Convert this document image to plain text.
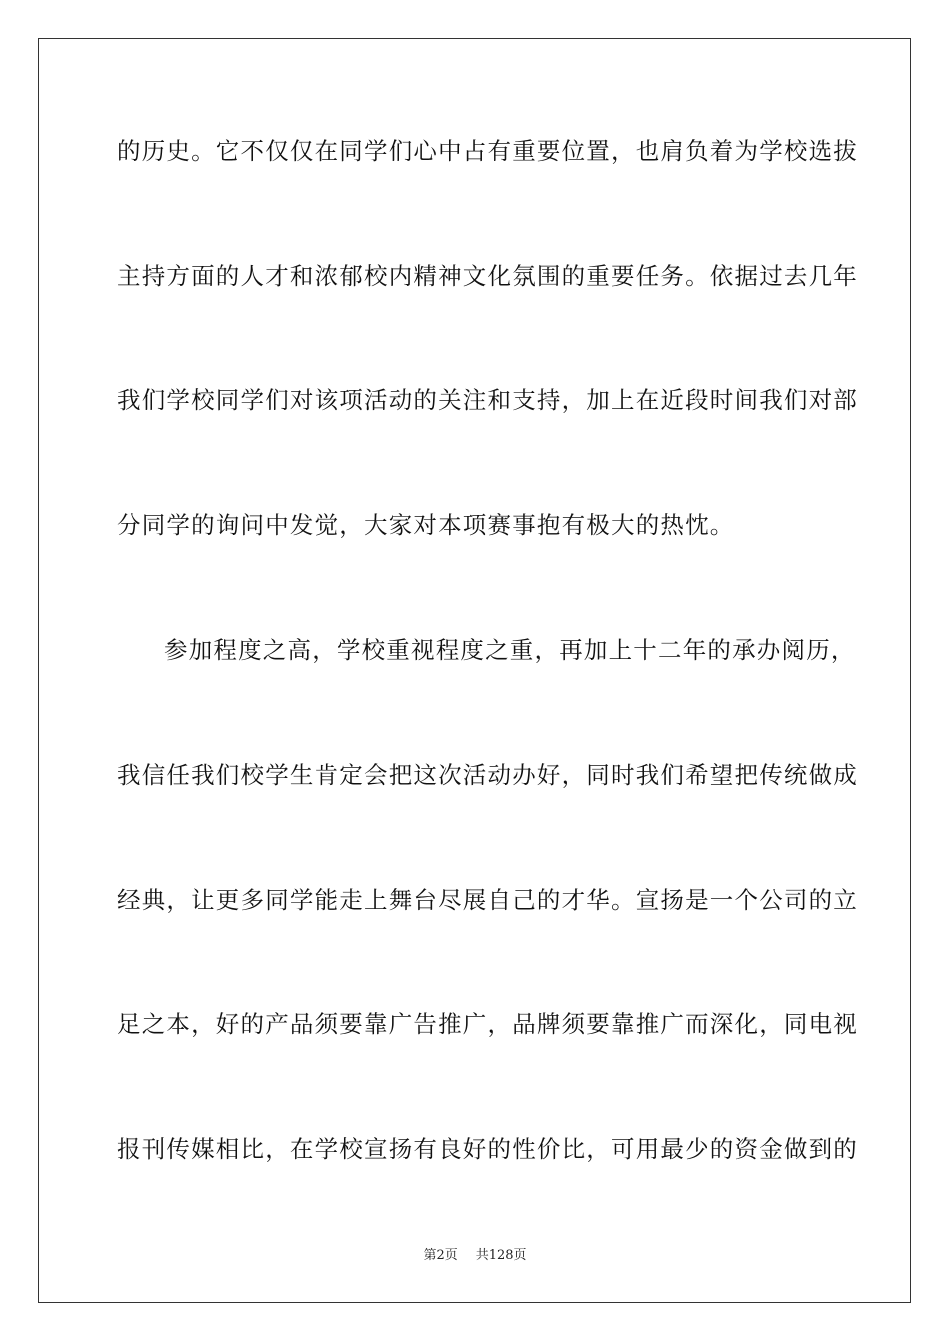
的历史。它不仅仅在同学们心中占有重要位置，也肩负着为学校选拔
主持方面的人才和浓郁校内精神文化氛围的重要任务。依据过去几年
我们学校同学们对该项活动的关注和支持，加上在近段时间我们对部
分同学的询问中发觉，大家对本项赛事抱有极大的热忱。
参加程度之高，学校重视程度之重，再加上十二年的承办阅历，
我信任我们校学生肯定会把这次活动办好，同时我们希望把传统做成
经典，让更多同学能走上舞台尽展自己的才华。宣扬是一个公司的立
足之本，好的产品须要靠广告推广，品牌须要靠推广而深化，同电视
报刊传媒相比，在学校宣扬有良好的性价比，可用最少的资金做到的
第2页 共128页
